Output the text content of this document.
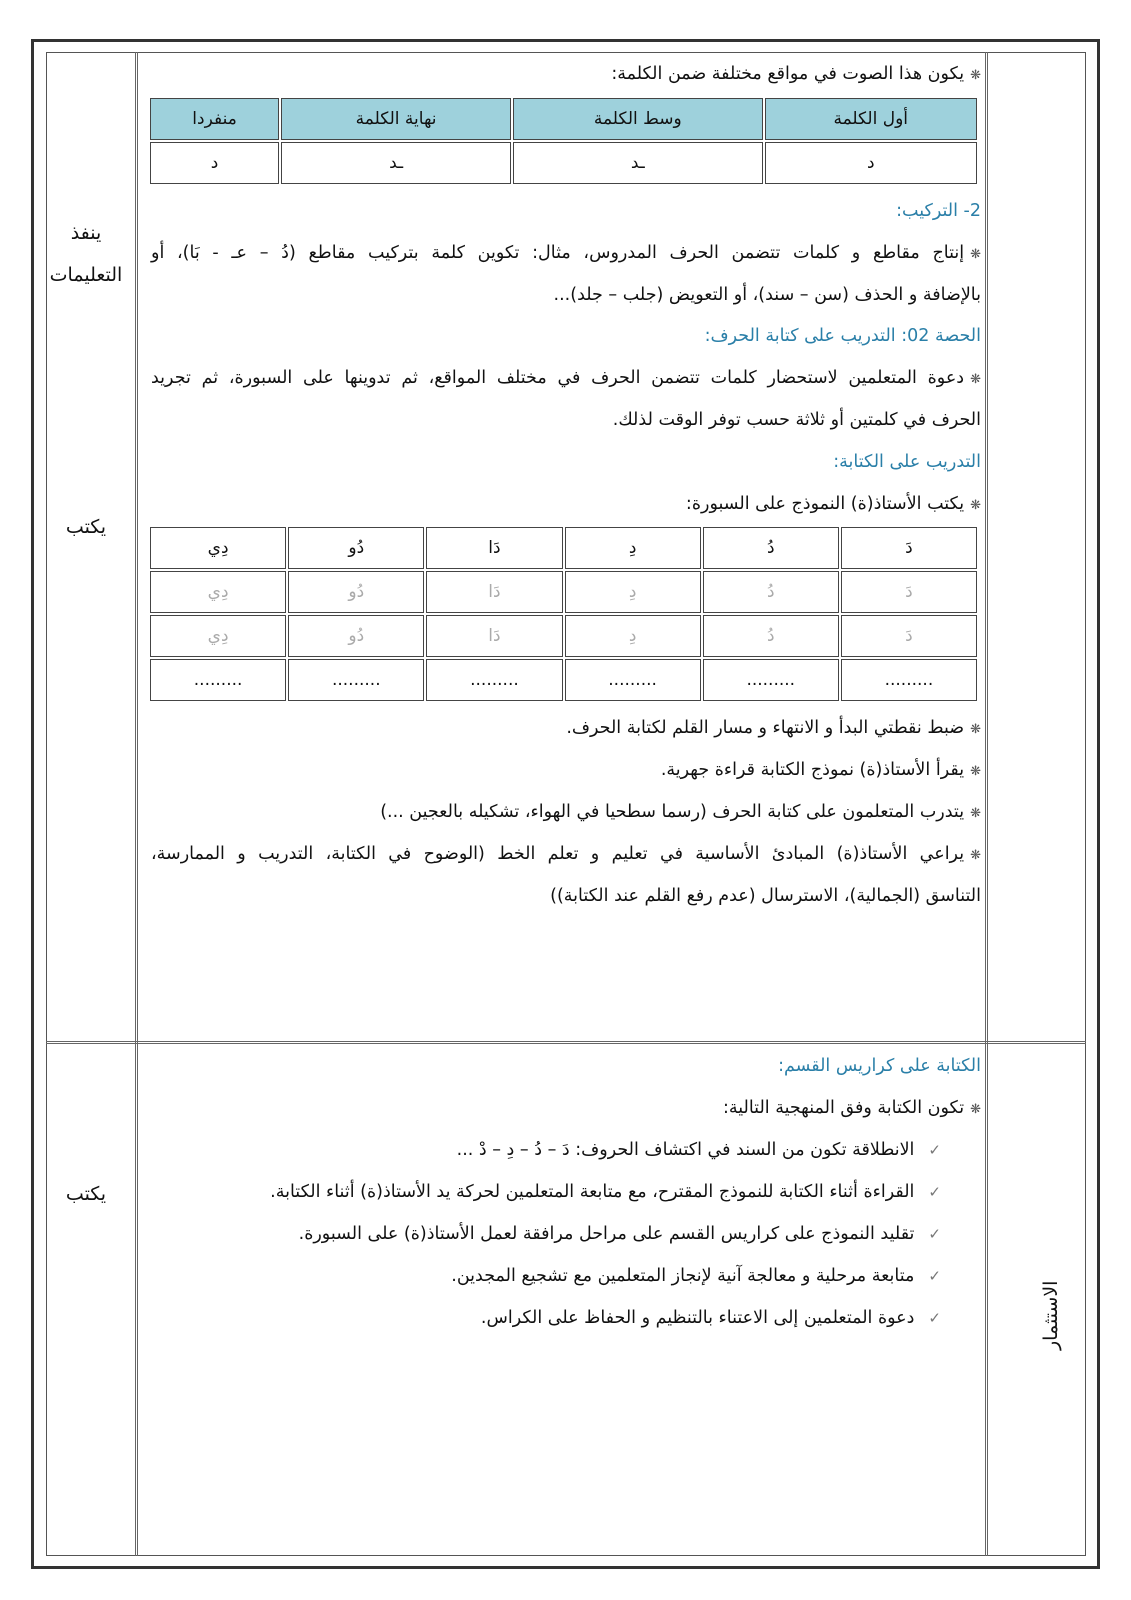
ينفذ
التعليمات
يكتب
يكتب
الاستثمار
❋يكون هذا الصوت في مواقع مختلفة ضمن الكلمة:
أول الكلمة	وسط الكلمة	نهاية الكلمة	منفردا
د	ـد	ـد	د
2- التركيب:
❋إنتاج مقاطع و كلمات تتضمن الحرف المدروس، مثال: تكوين كلمة بتركيب مقاطع (دُ – عـ - بَا)، أو
بالإضافة و الحذف (سن – سند)، أو التعويض (جلب – جلد)...
الحصة 02: التدريب على كتابة الحرف:
❋دعوة المتعلمين لاستحضار كلمات تتضمن الحرف في مختلف المواقع، ثم تدوينها على السبورة، ثم تجريد
الحرف في كلمتين أو ثلاثة حسب توفر الوقت لذلك.
التدريب على الكتابة:
❋يكتب الأستاذ(ة) النموذج على السبورة:
دَ	دُ	دِ	دَا	دُو	دِي
دَ	دُ	دِ	دَا	دُو	دِي
دَ	دُ	دِ	دَا	دُو	دِي
.........	.........	.........	.........	.........	.........
❋ضبط نقطتي البدأ و الانتهاء و مسار القلم لكتابة الحرف.
❋يقرأ الأستاذ(ة) نموذج الكتابة قراءة جهرية.
❋يتدرب المتعلمون على كتابة الحرف (رسما سطحيا في الهواء، تشكيله بالعجين ...)
❋يراعي الأستاذ(ة) المبادئ الأساسية في تعليم و تعلم الخط (الوضوح في الكتابة، التدريب و الممارسة،
التناسق (الجمالية)، الاسترسال (عدم رفع القلم عند الكتابة))
الكتابة على كراريس القسم:
❋تكون الكتابة وفق المنهجية التالية:
✓الانطلاقة تكون من السند في اكتشاف الحروف: دَ – دُ – دِ – دْ ...
✓القراءة أثناء الكتابة للنموذج المقترح، مع متابعة المتعلمين لحركة يد الأستاذ(ة) أثناء الكتابة.
✓تقليد النموذج على كراريس القسم على مراحل مرافقة لعمل الأستاذ(ة) على السبورة.
✓متابعة مرحلية و معالجة آنية لإنجاز المتعلمين مع تشجيع المجدين.
✓دعوة المتعلمين إلى الاعتناء بالتنظيم و الحفاظ على الكراس.
